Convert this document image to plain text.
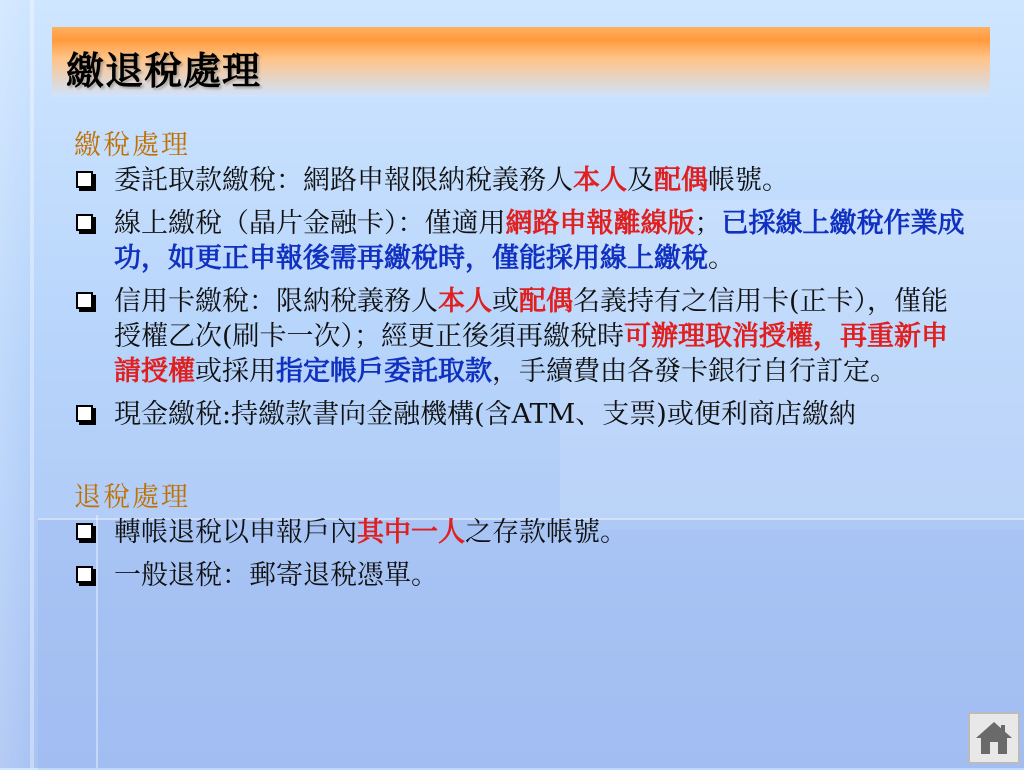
繳退稅處理
繳稅處理
委託取款繳稅：網路申報限納稅義務人本人及配偶帳號。
線上繳稅（晶片金融卡）：僅適用網路申報離線版；已採線上繳稅作業成功，如更正申報後需再繳稅時，僅能採用線上繳稅。
信用卡繳稅：限納稅義務人本人或配偶名義持有之信用卡(正卡），僅能授權乙次(刷卡一次）；經更正後須再繳稅時可辦理取消授權，再重新申請授權或採用指定帳戶委託取款，手續費由各發卡銀行自行訂定。
現金繳稅:持繳款書向金融機構(含ATM、支票)或便利商店繳納
退稅處理
轉帳退稅以申報戶內其中一人之存款帳號。
一般退稅：郵寄退稅憑單。
